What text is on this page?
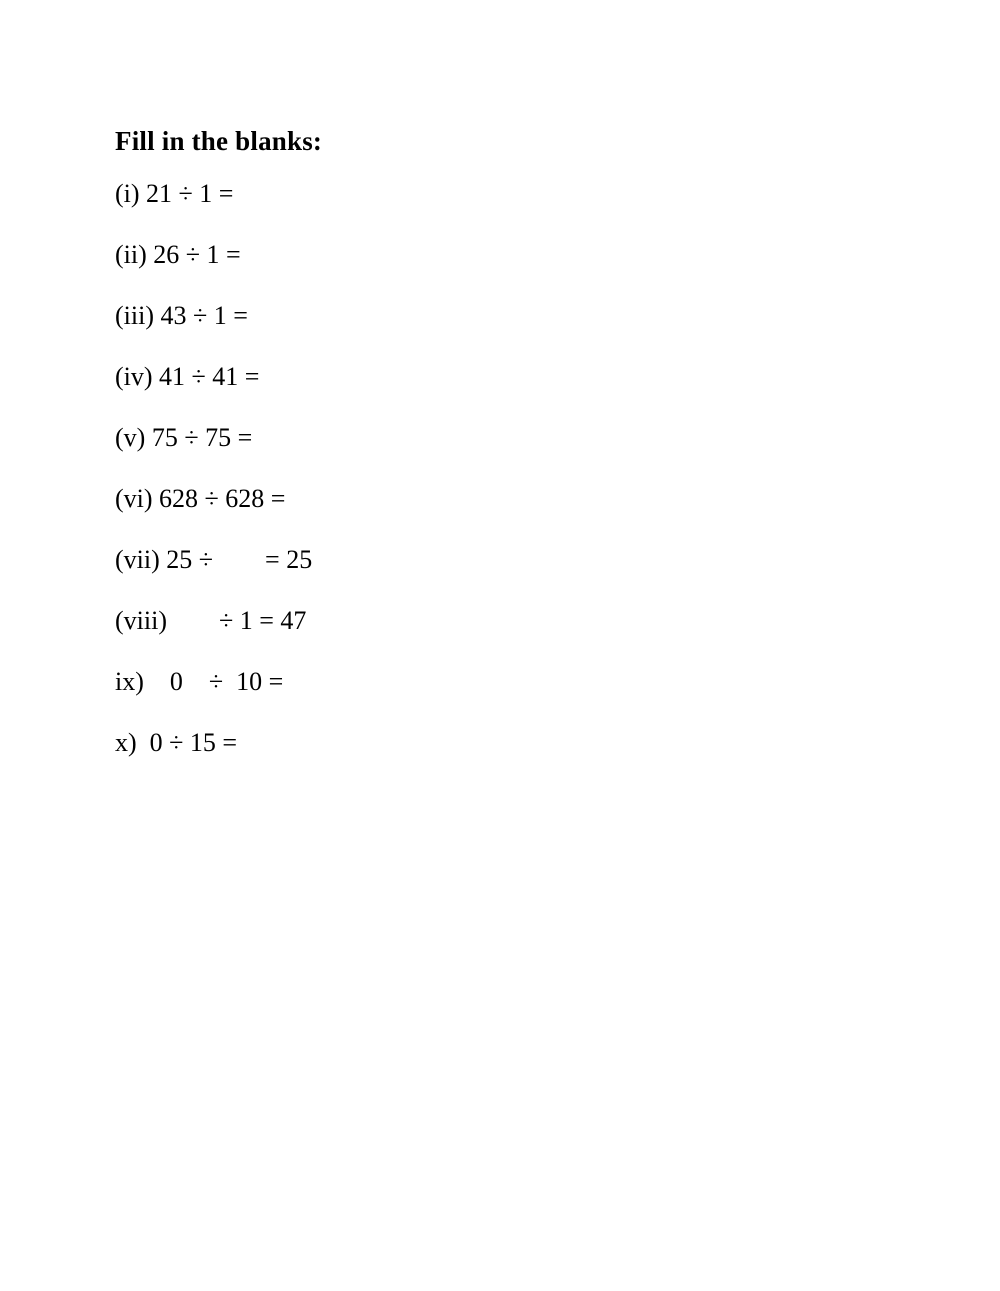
Fill in the blanks:
(i) 21 ÷ 1 =
(ii) 26 ÷ 1 =
(iii) 43 ÷ 1 =
(iv) 41 ÷ 41 =
(v) 75 ÷ 75 =
(vi) 628 ÷ 628 =
(vii) 25 ÷        = 25
(viii)        ÷ 1 = 47
ix)    0    ÷  10 =
x)  0 ÷ 15 =
